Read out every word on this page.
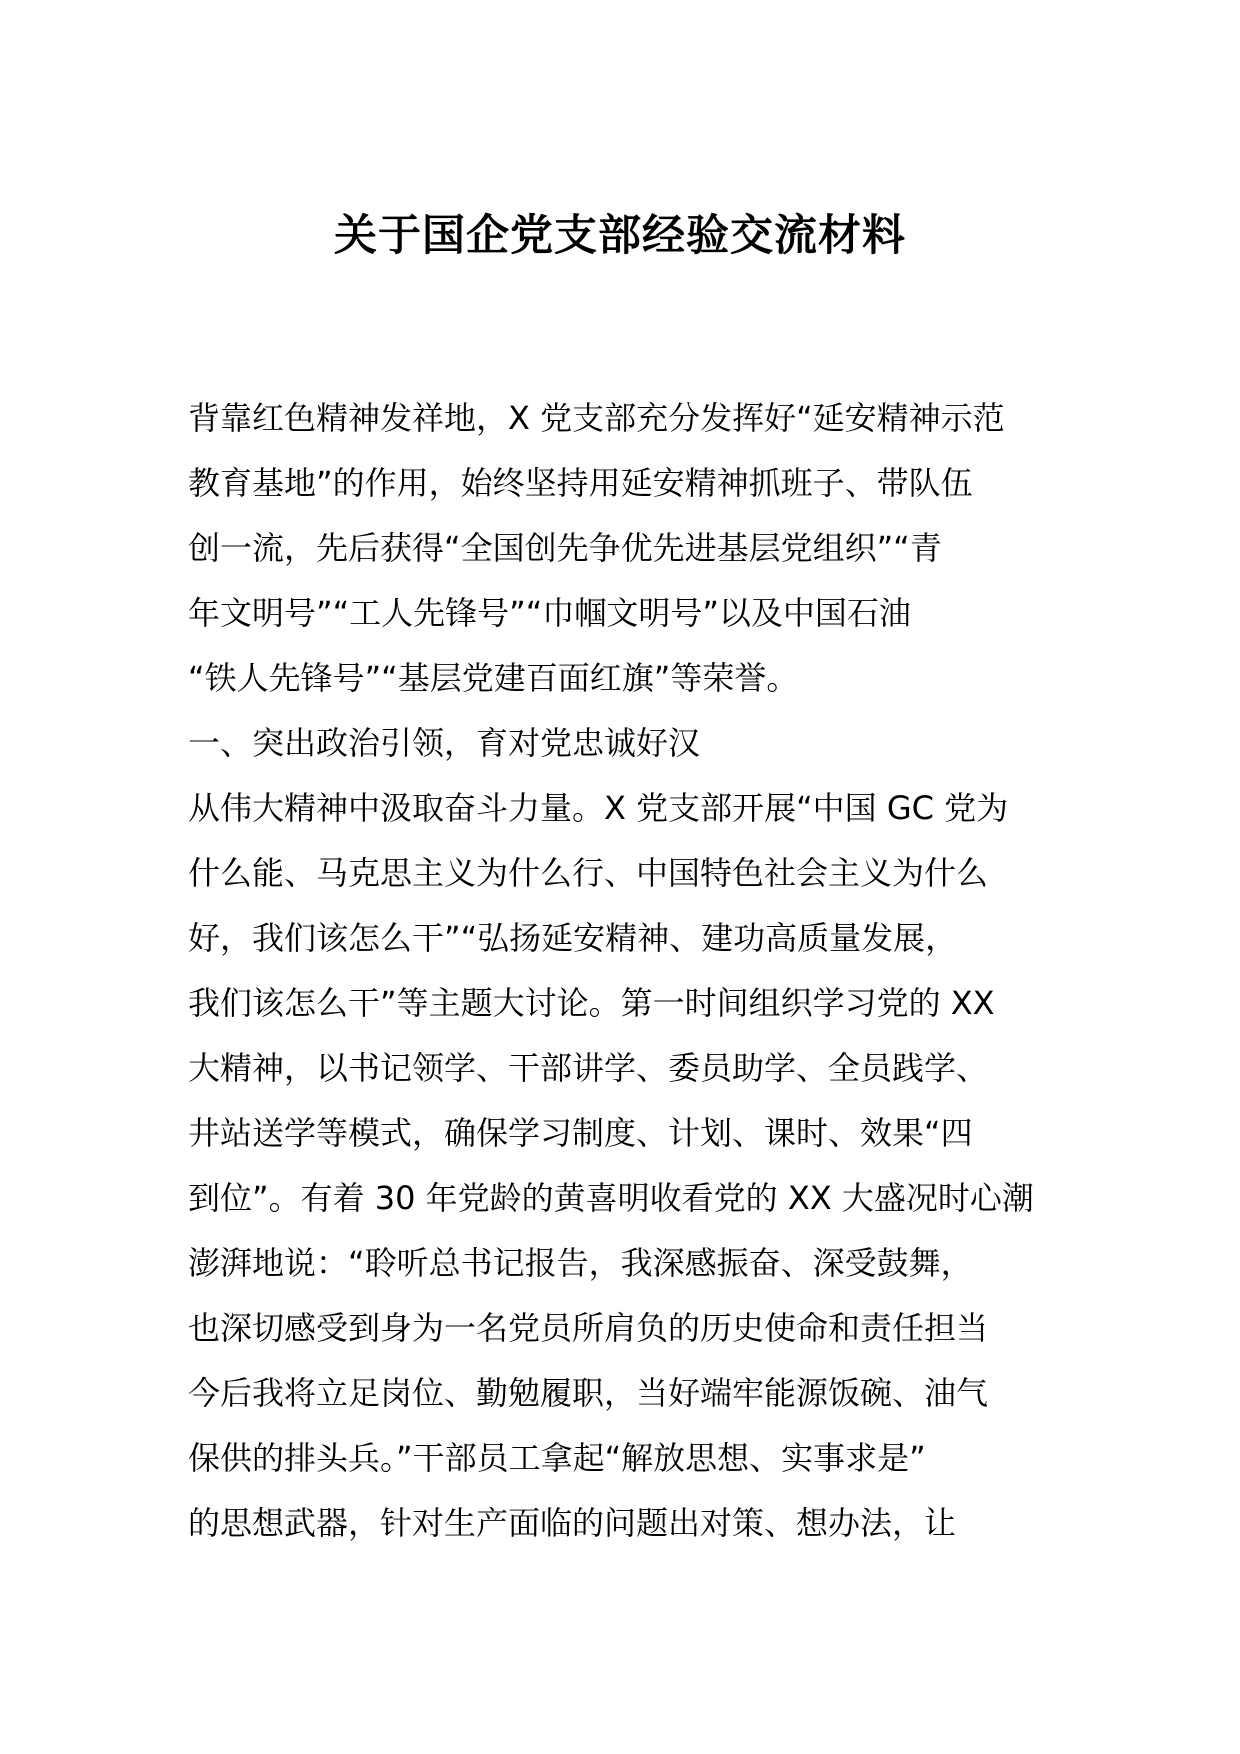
关于国企党支部经验交流材料
背靠红色精神发祥地，X 党支部充分发挥好“延安精神示范
教育基地”的作用，始终坚持用延安精神抓班子、带队伍
创一流，先后获得“全国创先争优先进基层党组织”“青
年文明号”“工人先锋号”“巾帼文明号”以及中国石油
“铁人先锋号”“基层党建百面红旗”等荣誉。
一、突出政治引领，育对党忠诚好汉
从伟大精神中汲取奋斗力量。X 党支部开展“中国 GC 党为
什么能、马克思主义为什么行、中国特色社会主义为什么
好，我们该怎么干”“弘扬延安精神、建功高质量发展，
我们该怎么干”等主题大讨论。第一时间组织学习党的 XX
大精神，以书记领学、干部讲学、委员助学、全员践学、
井站送学等模式，确保学习制度、计划、课时、效果“四
到位”。有着 30 年党龄的黄喜明收看党的 XX 大盛况时心潮
澎湃地说：“聆听总书记报告，我深感振奋、深受鼓舞，
也深切感受到身为一名党员所肩负的历史使命和责任担当
今后我将立足岗位、勤勉履职，当好端牢能源饭碗、油气
保供的排头兵。”干部员工拿起“解放思想、实事求是”
的思想武器，针对生产面临的问题出对策、想办法，让
